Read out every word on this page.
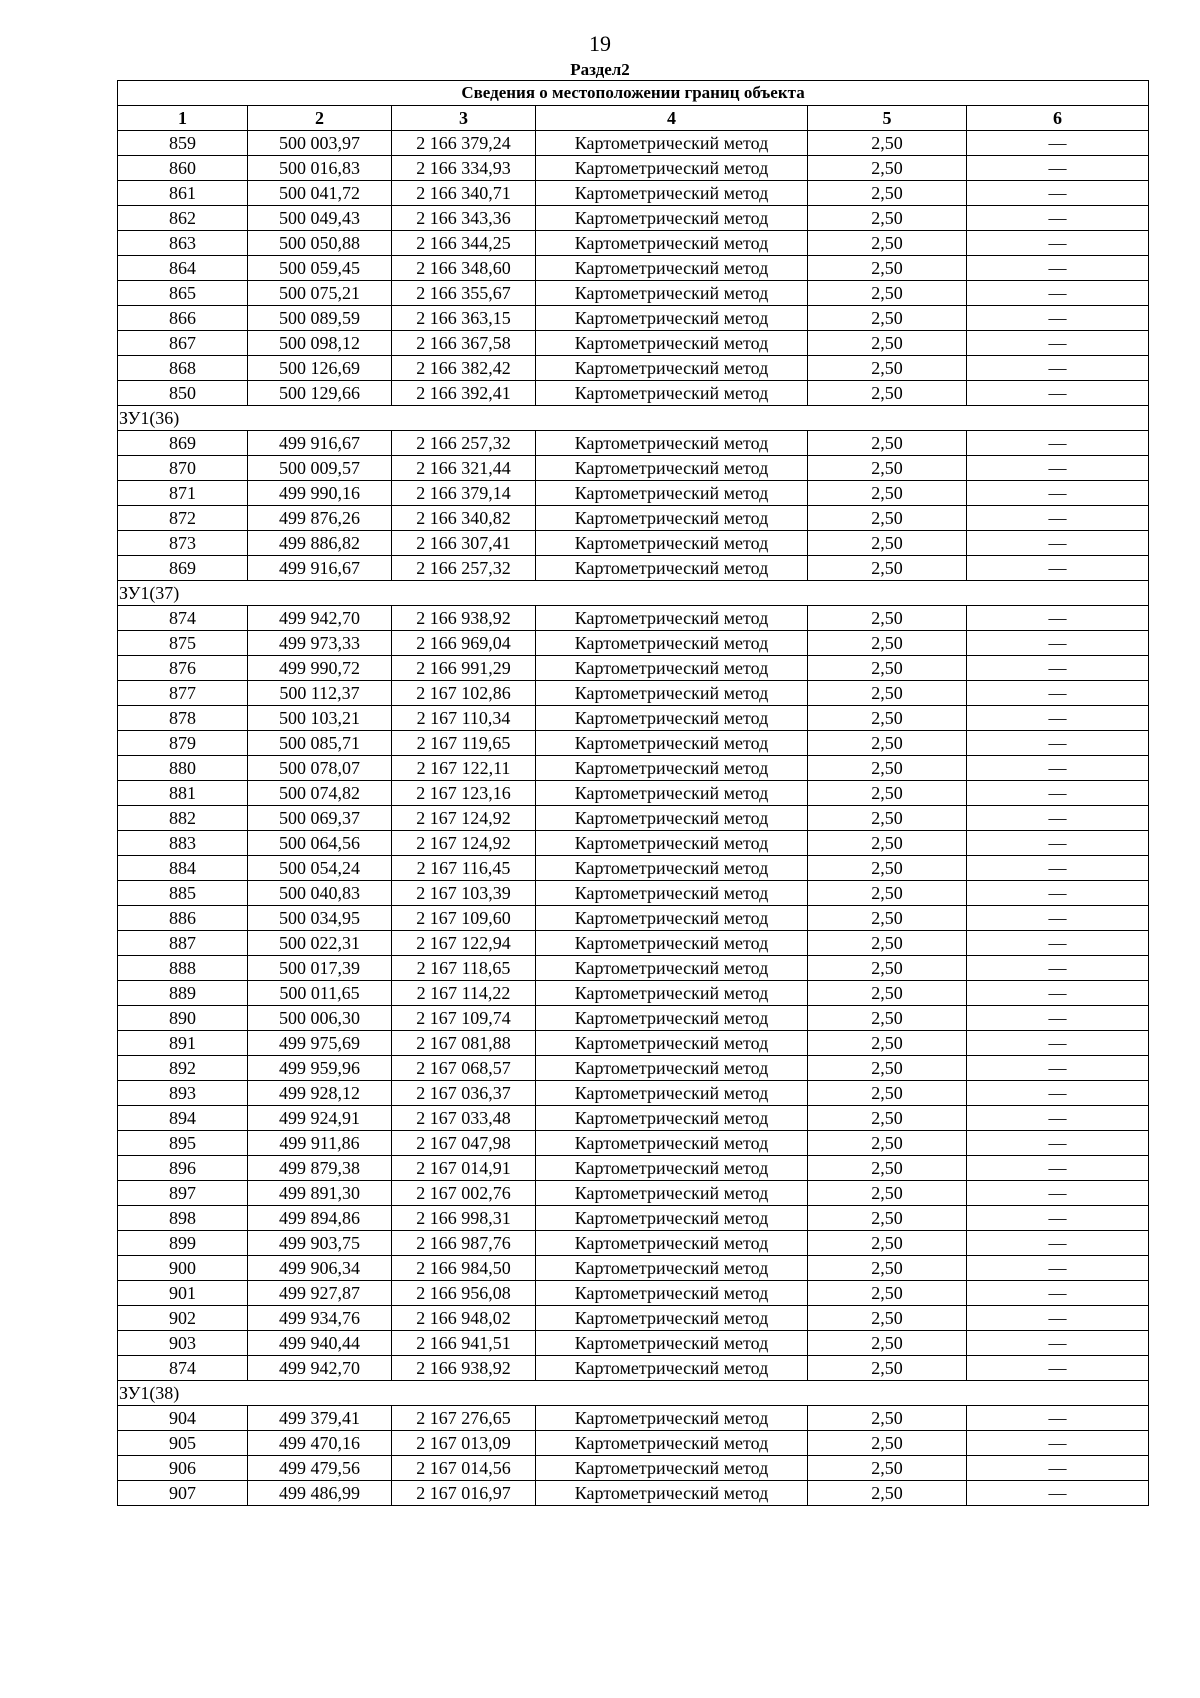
19
Раздел2
Сведения о местоположении границ объекта					
1	2	3	4	5	6
859	500 003,97	2 166 379,24	Картометрический метод	2,50	—
860	500 016,83	2 166 334,93	Картометрический метод	2,50	—
861	500 041,72	2 166 340,71	Картометрический метод	2,50	—
862	500 049,43	2 166 343,36	Картометрический метод	2,50	—
863	500 050,88	2 166 344,25	Картометрический метод	2,50	—
864	500 059,45	2 166 348,60	Картометрический метод	2,50	—
865	500 075,21	2 166 355,67	Картометрический метод	2,50	—
866	500 089,59	2 166 363,15	Картометрический метод	2,50	—
867	500 098,12	2 166 367,58	Картометрический метод	2,50	—
868	500 126,69	2 166 382,42	Картометрический метод	2,50	—
850	500 129,66	2 166 392,41	Картометрический метод	2,50	—
ЗУ1(36)					
869	499 916,67	2 166 257,32	Картометрический метод	2,50	—
870	500 009,57	2 166 321,44	Картометрический метод	2,50	—
871	499 990,16	2 166 379,14	Картометрический метод	2,50	—
872	499 876,26	2 166 340,82	Картометрический метод	2,50	—
873	499 886,82	2 166 307,41	Картометрический метод	2,50	—
869	499 916,67	2 166 257,32	Картометрический метод	2,50	—
ЗУ1(37)					
874	499 942,70	2 166 938,92	Картометрический метод	2,50	—
875	499 973,33	2 166 969,04	Картометрический метод	2,50	—
876	499 990,72	2 166 991,29	Картометрический метод	2,50	—
877	500 112,37	2 167 102,86	Картометрический метод	2,50	—
878	500 103,21	2 167 110,34	Картометрический метод	2,50	—
879	500 085,71	2 167 119,65	Картометрический метод	2,50	—
880	500 078,07	2 167 122,11	Картометрический метод	2,50	—
881	500 074,82	2 167 123,16	Картометрический метод	2,50	—
882	500 069,37	2 167 124,92	Картометрический метод	2,50	—
883	500 064,56	2 167 124,92	Картометрический метод	2,50	—
884	500 054,24	2 167 116,45	Картометрический метод	2,50	—
885	500 040,83	2 167 103,39	Картометрический метод	2,50	—
886	500 034,95	2 167 109,60	Картометрический метод	2,50	—
887	500 022,31	2 167 122,94	Картометрический метод	2,50	—
888	500 017,39	2 167 118,65	Картометрический метод	2,50	—
889	500 011,65	2 167 114,22	Картометрический метод	2,50	—
890	500 006,30	2 167 109,74	Картометрический метод	2,50	—
891	499 975,69	2 167 081,88	Картометрический метод	2,50	—
892	499 959,96	2 167 068,57	Картометрический метод	2,50	—
893	499 928,12	2 167 036,37	Картометрический метод	2,50	—
894	499 924,91	2 167 033,48	Картометрический метод	2,50	—
895	499 911,86	2 167 047,98	Картометрический метод	2,50	—
896	499 879,38	2 167 014,91	Картометрический метод	2,50	—
897	499 891,30	2 167 002,76	Картометрический метод	2,50	—
898	499 894,86	2 166 998,31	Картометрический метод	2,50	—
899	499 903,75	2 166 987,76	Картометрический метод	2,50	—
900	499 906,34	2 166 984,50	Картометрический метод	2,50	—
901	499 927,87	2 166 956,08	Картометрический метод	2,50	—
902	499 934,76	2 166 948,02	Картометрический метод	2,50	—
903	499 940,44	2 166 941,51	Картометрический метод	2,50	—
874	499 942,70	2 166 938,92	Картометрический метод	2,50	—
ЗУ1(38)					
904	499 379,41	2 167 276,65	Картометрический метод	2,50	—
905	499 470,16	2 167 013,09	Картометрический метод	2,50	—
906	499 479,56	2 167 014,56	Картометрический метод	2,50	—
907	499 486,99	2 167 016,97	Картометрический метод	2,50	—
